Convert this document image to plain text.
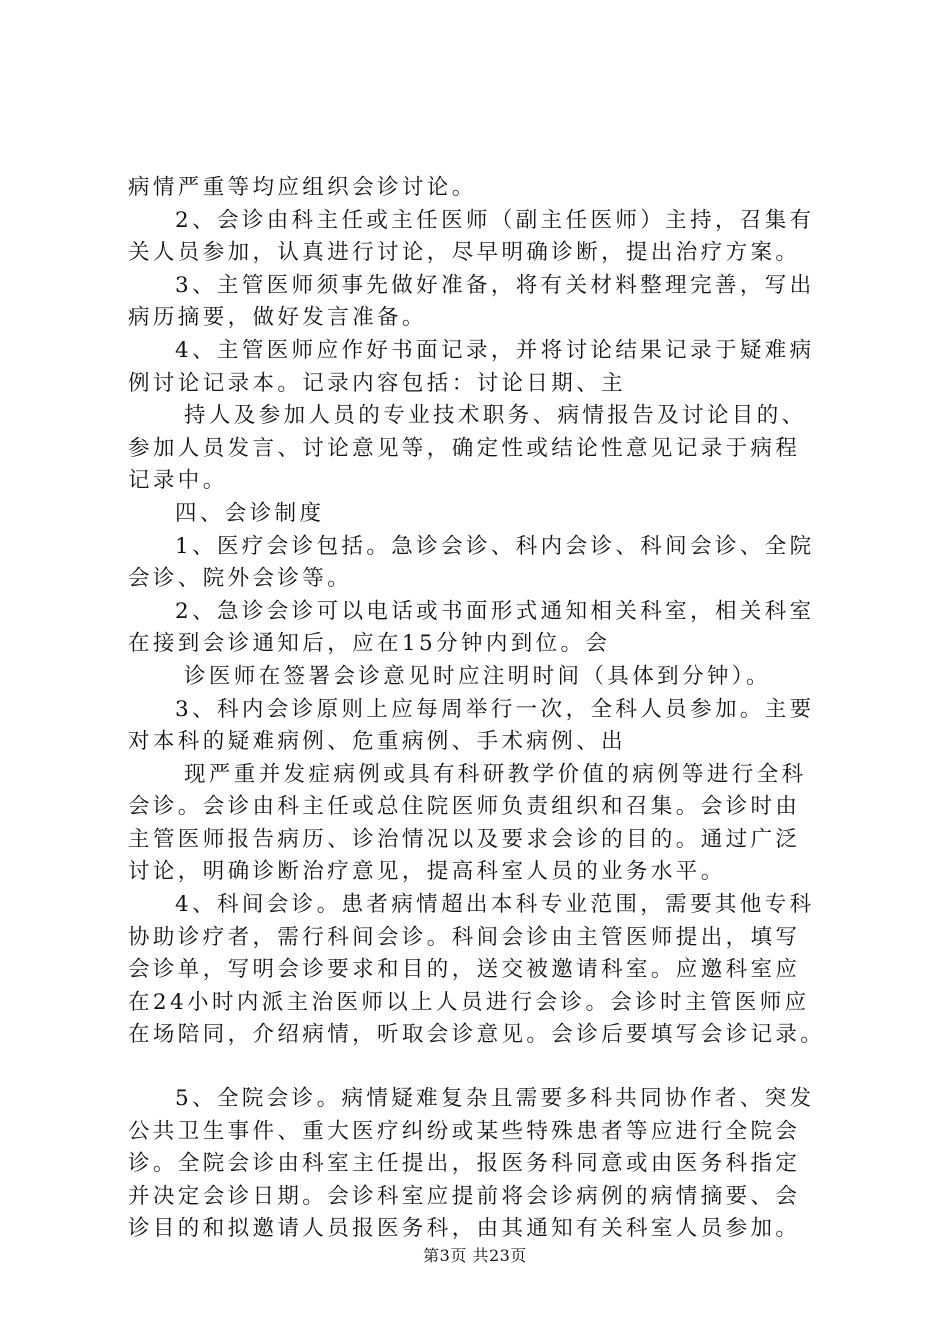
病情严重等均应组织会诊讨论。
2、会诊由科主任或主任医师（副主任医师）主持，召集有
关人员参加，认真进行讨论，尽早明确诊断，提出治疗方案。
3、主管医师须事先做好准备，将有关材料整理完善，写出
病历摘要，做好发言准备。
4、主管医师应作好书面记录，并将讨论结果记录于疑难病
例讨论记录本。记录内容包括：讨论日期、主
持人及参加人员的专业技术职务、病情报告及讨论目的、
参加人员发言、讨论意见等，确定性或结论性意见记录于病程
记录中。
四、会诊制度
1、医疗会诊包括。急诊会诊、科内会诊、科间会诊、全院
会诊、院外会诊等。
2、急诊会诊可以电话或书面形式通知相关科室，相关科室
在接到会诊通知后，应在15分钟内到位。会
诊医师在签署会诊意见时应注明时间（具体到分钟）。
3、科内会诊原则上应每周举行一次，全科人员参加。主要
对本科的疑难病例、危重病例、手术病例、出
现严重并发症病例或具有科研教学价值的病例等进行全科
会诊。会诊由科主任或总住院医师负责组织和召集。会诊时由
主管医师报告病历、诊治情况以及要求会诊的目的。通过广泛
讨论，明确诊断治疗意见，提高科室人员的业务水平。
4、科间会诊。患者病情超出本科专业范围，需要其他专科
协助诊疗者，需行科间会诊。科间会诊由主管医师提出，填写
会诊单，写明会诊要求和目的，送交被邀请科室。应邀科室应
在24小时内派主治医师以上人员进行会诊。会诊时主管医师应
在场陪同，介绍病情，听取会诊意见。会诊后要填写会诊记录。
5、全院会诊。病情疑难复杂且需要多科共同协作者、突发
公共卫生事件、重大医疗纠纷或某些特殊患者等应进行全院会
诊。全院会诊由科室主任提出，报医务科同意或由医务科指定
并决定会诊日期。会诊科室应提前将会诊病例的病情摘要、会
诊目的和拟邀请人员报医务科，由其通知有关科室人员参加。
第3页 共23页
